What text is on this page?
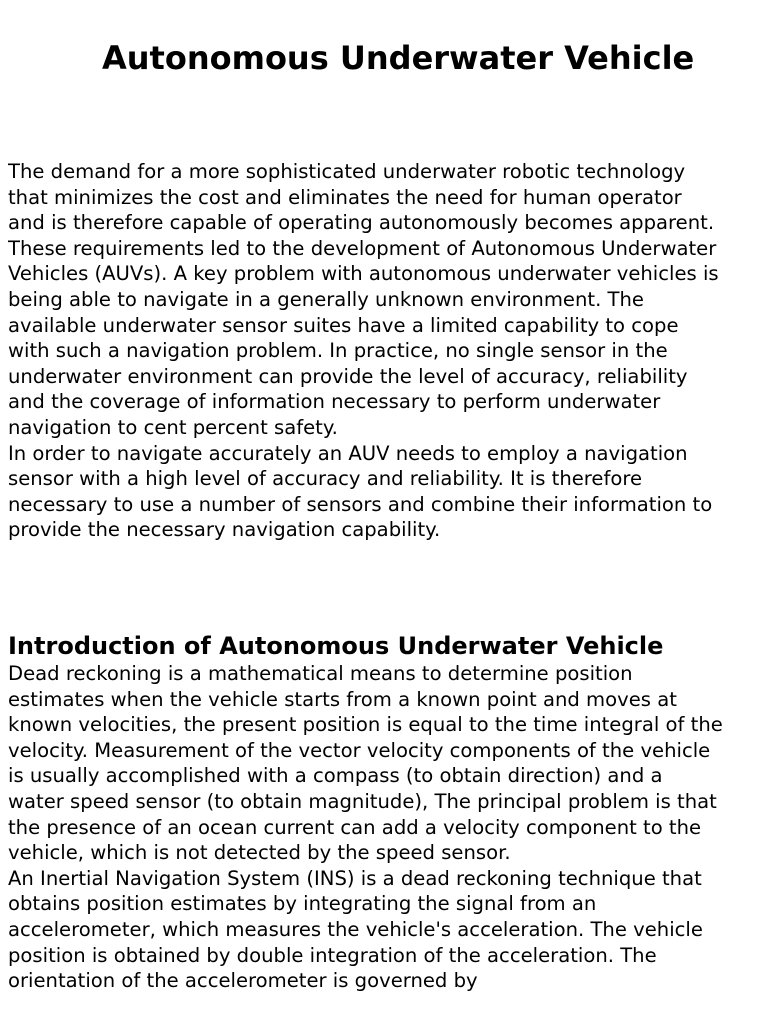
Autonomous Underwater Vehicle

The demand for a more sophisticated underwater robotic technology that minimizes the cost and eliminates the need for human operator and is therefore capable of operating autonomously becomes apparent. These requirements led to the development of Autonomous Underwater Vehicles (AUVs). A key problem with autonomous underwater vehicles is being able to navigate in a generally unknown environment. The available underwater sensor suites have a limited capability to cope with such a navigation problem. In practice, no single sensor in the underwater environment can provide the level of accuracy, reliability and the coverage of information necessary to perform underwater navigation to cent percent safety.

In order to navigate accurately an AUV needs to employ a navigation sensor with a high level of accuracy and reliability. It is therefore necessary to use a number of sensors and combine their information to provide the necessary navigation capability.

Introduction of Autonomous Underwater Vehicle

Dead reckoning is a mathematical means to determine position estimates when the vehicle starts from a known point and moves at known velocities, the present position is equal to the time integral of the velocity. Measurement of the vector velocity components of the vehicle is usually accomplished with a compass (to obtain direction) and a water speed sensor (to obtain magnitude), The principal problem is that the presence of an ocean current can add a velocity component to the vehicle, which is not detected by the speed sensor.

An Inertial Navigation System (INS) is a dead reckoning technique that obtains position estimates by integrating the signal from an accelerometer, which measures the vehicle's acceleration. The vehicle position is obtained by double integration of the acceleration. The orientation of the accelerometer is governed by
